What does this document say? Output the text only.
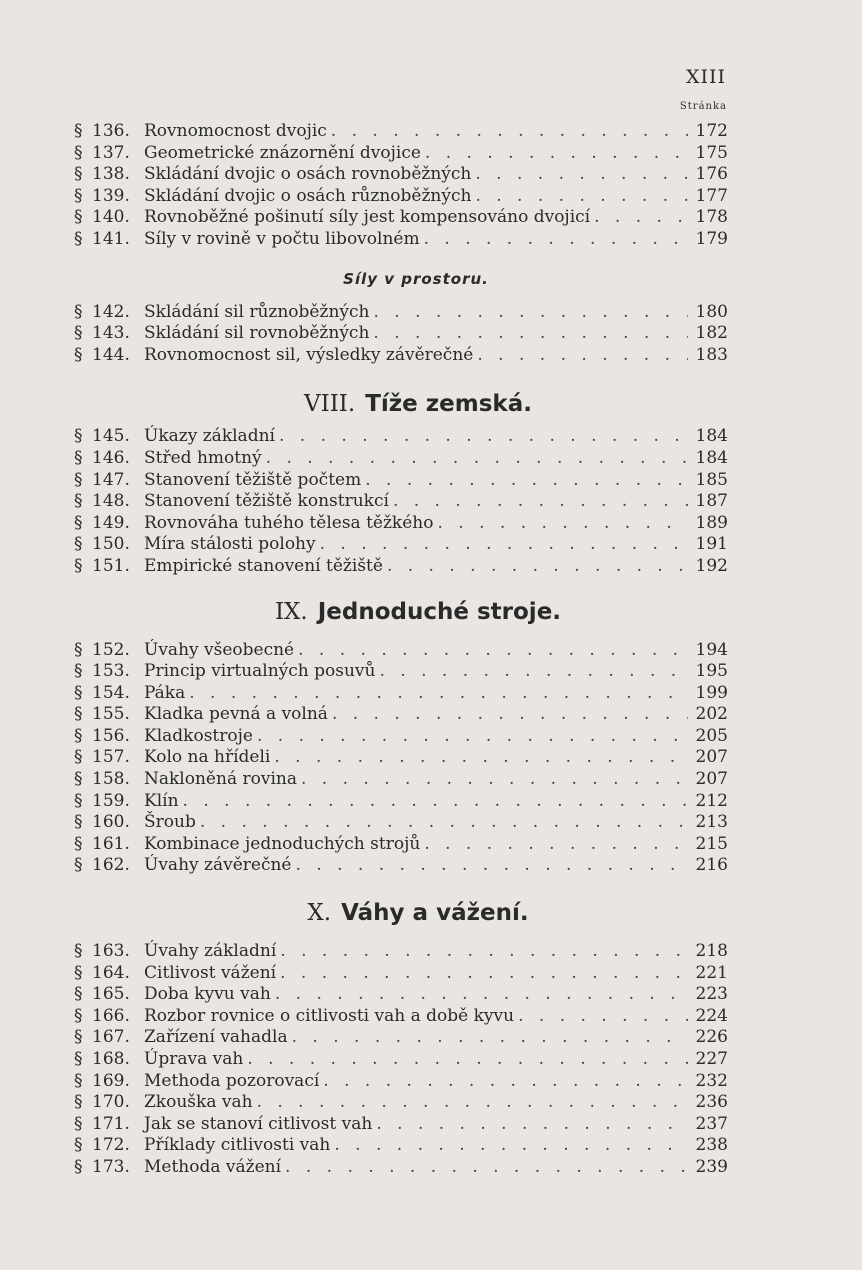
XIII
Stránka
§ 136. Rovnomocnost dvojic . . .	172
§ 137. Geometrické znázornění dvojice . . .	175
§ 138. Skládání dvojic o osách rovnoběžných . . .	176
§ 139. Skládání dvojic o osách různoběžných . . .	177
§ 140. Rovnoběžné pošinutí síly jest kompensováno dvojicí . . .	178
§ 141. Síly v rovině v počtu libovolném . . .	179
Síly v prostoru.
§ 142. Skládání sil různoběžných . . .	180
§ 143. Skládání sil rovnoběžných . . .	182
§ 144. Rovnomocnost sil, výsledky závěrečné . . .	183
VIII. Tíže zemská.
§ 145. Úkazy základní . . .	184
§ 146. Střed hmotný . . .	184
§ 147. Stanovení těžiště počtem . . .	185
§ 148. Stanovení těžiště konstrukcí . . .	187
§ 149. Rovnováha tuhého tělesa těžkého . . .	189
§ 150. Míra stálosti polohy . . .	191
§ 151. Empirické stanovení těžiště . . .	192
IX. Jednoduché stroje.
§ 152. Úvahy všeobecné . . .	194
§ 153. Princip virtualných posuvů . . .	195
§ 154. Páka . . .	199
§ 155. Kladka pevná a volná . . .	202
§ 156. Kladkostroje . . .	205
§ 157. Kolo na hřídeli . . .	207
§ 158. Nakloněná rovina . . .	207
§ 159. Klín . . .	212
§ 160. Šroub . . .	213
§ 161. Kombinace jednoduchých strojů . . .	215
§ 162. Úvahy závěrečné . . .	216
X. Váhy a vážení.
§ 163. Úvahy základní . . .	218
§ 164. Citlivost vážení . . .	221
§ 165. Doba kyvu vah . . .	223
§ 166. Rozbor rovnice o citlivosti vah a době kyvu . . .	224
§ 167. Zařízení vahadla . . .	226
§ 168. Úprava vah . . .	227
§ 169. Methoda pozorovací . . .	232
§ 170. Zkouška vah . . .	236
§ 171. Jak se stanoví citlivost vah . . .	237
§ 172. Příklady citlivosti vah . . .	238
§ 173. Methoda vážení . . .	239
